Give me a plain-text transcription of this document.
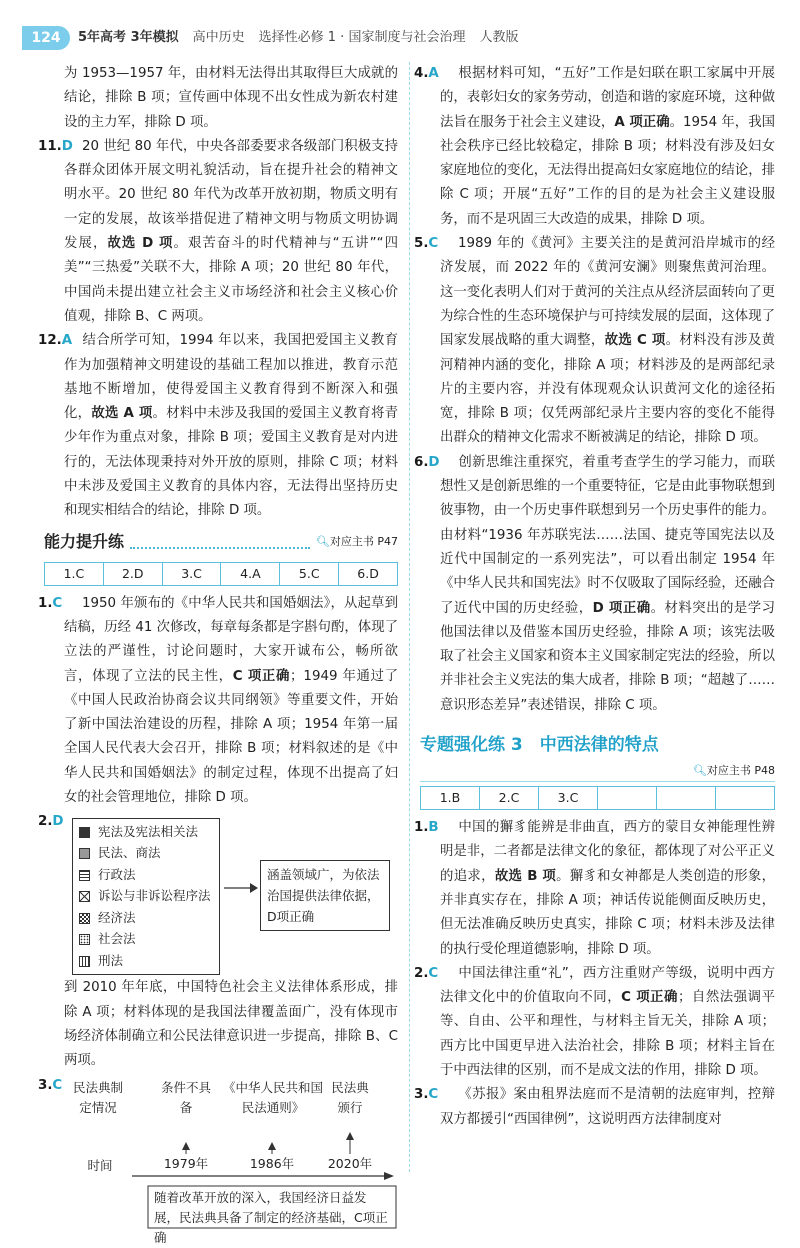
124	5年高考 3年模拟 高中历史 选择性必修 1 · 国家制度与社会治理 人教版

为 1953—1957 年，由材料无法得出其取得巨大成就的结论，排除 B 项；宣传画中体现不出女性成为新农村建设的主力军，排除 D 项。

11.D 20 世纪 80 年代，中央各部委要求各级部门积极支持各群众团体开展文明礼貌活动，旨在提升社会的精神文明水平。20 世纪 80 年代为改革开放初期，物质文明有一定的发展，故该举措促进了精神文明与物质文明协调发展，故选 D 项。艰苦奋斗的时代精神与“五讲”“四美”“三热爱”关联不大，排除 A 项；20 世纪 80 年代，中国尚未提出建立社会主义市场经济和社会主义核心价值观，排除 B、C 两项。

12.A 结合所学可知，1994 年以来，我国把爱国主义教育作为加强精神文明建设的基础工程加以推进，教育示范基地不断增加，使得爱国主义教育得到不断深入和强化，故选 A 项。材料中未涉及我国的爱国主义教育将青少年作为重点对象，排除 B 项；爱国主义教育是对内进行的，无法体现秉持对外开放的原则，排除 C 项；材料中未涉及爱国主义教育的具体内容，无法得出坚持历史和现实相结合的结论，排除 D 项。

能力提升练	🔍︎对应主书 P47
1.C	2.D	3.C	4.A	5.C	6.D

1.C 1950 年颁布的《中华人民共和国婚姻法》，从起草到结稿，历经 41 次修改，每章每条都是字斟句酌，体现了立法的严谨性，讨论问题时，大家开诚布公，畅所欲言，体现了立法的民主性，C 项正确；1949 年通过了《中国人民政治协商会议共同纲领》等重要文件，开始了新中国法治建设的历程，排除 A 项；1954 年第一届全国人民代表大会召开，排除 B 项；材料叙述的是《中华人民共和国婚姻法》的制定过程，体现不出提高了妇女的社会管理地位，排除 D 项。

2.D

宪法及宪法相关法
民法、商法
行政法
诉讼与非诉讼程序法
经济法
社会法
刑法
涵盖领域广，为依法治国提供法律依据，D项正确

到 2010 年年底，中国特色社会主义法律体系形成，排除 A 项；材料体现的是我国法律覆盖面广，没有体现市场经济体制确立和公民法律意识进一步提高，排除 B、C 两项。

3.C 民法典制定情况
条件不具备
《中华人民共和国民法通则》
民法典颁行
时间	1979年	1986年	2020年
随着改革开放的深入，我国经济日益发展，民法典具备了制定的经济基础，C项正确

4.A 根据材料可知，“五好”工作是妇联在职工家属中开展的，表彰妇女的家务劳动，创造和谐的家庭环境，这种做法旨在服务于社会主义建设，A 项正确。1954 年，我国社会秩序已经比较稳定，排除 B 项；材料没有涉及妇女家庭地位的变化，无法得出提高妇女家庭地位的结论，排除 C 项；开展“五好”工作的目的是为社会主义建设服务，而不是巩固三大改造的成果，排除 D 项。

5.C 1989 年的《黄河》主要关注的是黄河沿岸城市的经济发展，而 2022 年的《黄河安澜》则聚焦黄河治理。这一变化表明人们对于黄河的关注点从经济层面转向了更为综合性的生态环境保护与可持续发展的层面，这体现了国家发展战略的重大调整，故选 C 项。材料没有涉及黄河精神内涵的变化，排除 A 项；材料涉及的是两部纪录片的主要内容，并没有体现观众认识黄河文化的途径拓宽，排除 B 项；仅凭两部纪录片主要内容的变化不能得出群众的精神文化需求不断被满足的结论，排除 D 项。

6.D 创新思维注重探究，着重考查学生的学习能力，而联想性又是创新思维的一个重要特征，它是由此事物联想到彼事物，由一个历史事件联想到另一个历史事件的能力。由材料“1936 年苏联宪法……法国、捷克等国宪法以及近代中国制定的一系列宪法”，可以看出制定 1954 年《中华人民共和国宪法》时不仅吸取了国际经验，还融合了近代中国的历史经验，D 项正确。材料突出的是学习他国法律以及借鉴本国历史经验，排除 A 项；该宪法吸取了社会主义国家和资本主义国家制定宪法的经验，所以并非社会主义宪法的集大成者，排除 B 项；“超越了……意识形态差异”表述错误，排除 C 项。

专题强化练 3　中西法律的特点
🔍︎对应主书 P48
1.B	2.C	3.C

1.B 中国的獬豸能辨是非曲直，西方的蒙目女神能理性辨明是非，二者都是法律文化的象征，都体现了对公平正义的追求，故选 B 项。獬豸和女神都是人类创造的形象，并非真实存在，排除 A 项；神话传说能侧面反映历史，但无法准确反映历史真实，排除 C 项；材料未涉及法律的执行受伦理道德影响，排除 D 项。

2.C 中国法律注重“礼”，西方注重财产等级，说明中西方法律文化中的价值取向不同，C 项正确；自然法强调平等、自由、公平和理性，与材料主旨无关，排除 A 项；西方比中国更早进入法治社会，排除 B 项；材料主旨在于中西法律的区别，而不是成文法的作用，排除 D 项。

3.C 《苏报》案由租界法庭而不是清朝的法庭审判，控辩双方都援引“西国律例”，这说明西方法律制度对
